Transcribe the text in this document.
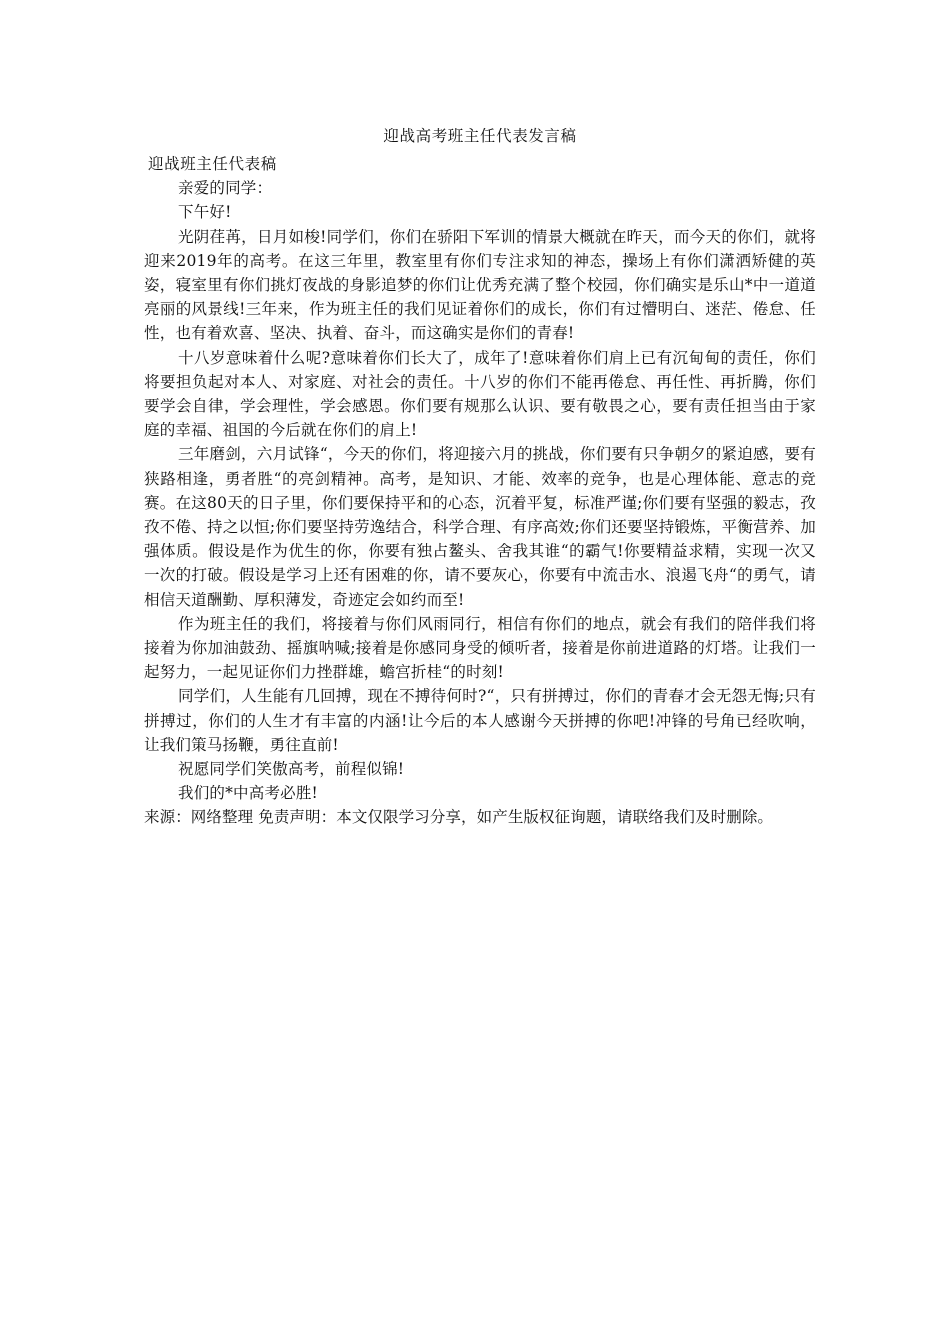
迎战高考班主任代表发言稿

迎战班主任代表稿

亲爱的同学：

下午好!

光阴荏苒，日月如梭!同学们，你们在骄阳下军训的情景大概就在昨天，而今天的你们，就将迎来2019年的高考。在这三年里，教室里有你们专注求知的神态，操场上有你们潇洒矫健的英姿，寝室里有你们挑灯夜战的身影追梦的你们让优秀充满了整个校园，你们确实是乐山*中一道道亮丽的风景线!三年来，作为班主任的我们见证着你们的成长，你们有过懵明白、迷茫、倦怠、任性，也有着欢喜、坚决、执着、奋斗，而这确实是你们的青春!

十八岁意味着什么呢?意味着你们长大了，成年了!意味着你们肩上已有沉甸甸的责任，你们将要担负起对本人、对家庭、对社会的责任。十八岁的你们不能再倦怠、再任性、再折腾，你们要学会自律，学会理性，学会感恩。你们要有规那么认识、要有敬畏之心，要有责任担当由于家庭的幸福、祖国的今后就在你们的肩上!

三年磨剑，六月试锋“，今天的你们，将迎接六月的挑战，你们要有只争朝夕的紧迫感，要有狭路相逢，勇者胜“的亮剑精神。高考，是知识、才能、效率的竞争，也是心理体能、意志的竞赛。在这80天的日子里，你们要保持平和的心态，沉着平复，标准严谨;你们要有坚强的毅志，孜孜不倦、持之以恒;你们要坚持劳逸结合，科学合理、有序高效;你们还要坚持锻炼，平衡营养、加强体质。假设是作为优生的你，你要有独占鳌头、舍我其谁“的霸气!你要精益求精，实现一次又一次的打破。假设是学习上还有困难的你，请不要灰心，你要有中流击水、浪遏飞舟“的勇气，请相信天道酬勤、厚积薄发，奇迹定会如约而至!

作为班主任的我们，将接着与你们风雨同行，相信有你们的地点，就会有我们的陪伴我们将接着为你加油鼓劲、摇旗呐喊;接着是你感同身受的倾听者，接着是你前进道路的灯塔。让我们一起努力，一起见证你们力挫群雄，蟾宫折桂“的时刻!

同学们，人生能有几回搏，现在不搏待何时?“，只有拼搏过，你们的青春才会无怨无悔;只有拼搏过，你们的人生才有丰富的内涵!让今后的本人感谢今天拼搏的你吧!冲锋的号角已经吹响，让我们策马扬鞭，勇往直前!

祝愿同学们笑傲高考，前程似锦!

我们的*中高考必胜!

来源：网络整理 免责声明：本文仅限学习分享，如产生版权征询题，请联络我们及时删除。
